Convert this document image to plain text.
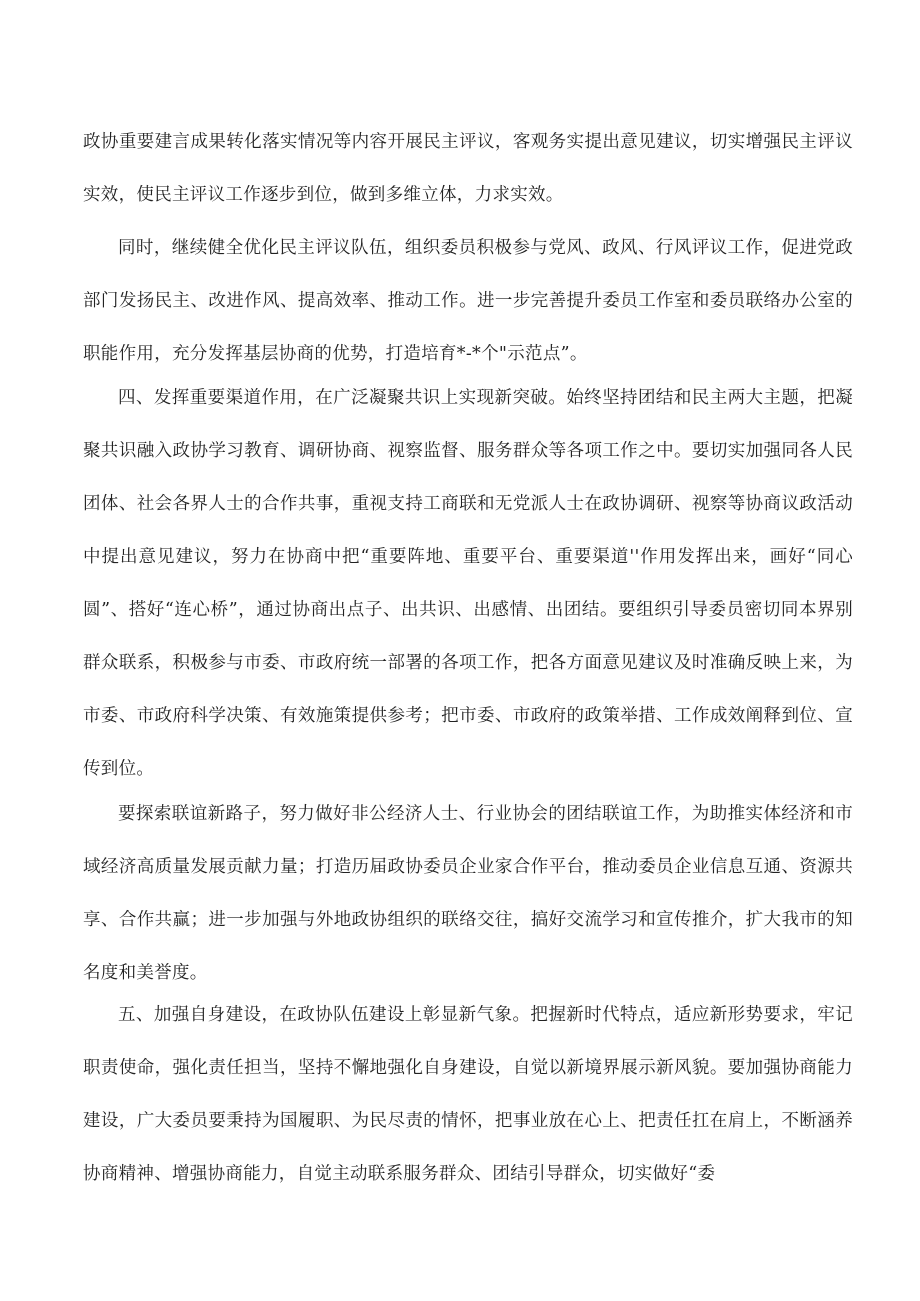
政协重要建言成果转化落实情况等内容开展民主评议，客观务实提出意见建议，切实增强民主评议实效，使民主评议工作逐步到位，做到多维立体，力求实效。

同时，继续健全优化民主评议队伍，组织委员积极参与党风、政风、行风评议工作，促进党政部门发扬民主、改进作风、提高效率、推动工作。进一步完善提升委员工作室和委员联络办公室的职能作用，充分发挥基层协商的优势，打造培育*-*个"示范点”。

四、发挥重要渠道作用，在广泛凝聚共识上实现新突破。始终坚持团结和民主两大主题，把凝聚共识融入政协学习教育、调研协商、视察监督、服务群众等各项工作之中。要切实加强同各人民团体、社会各界人士的合作共事，重视支持工商联和无党派人士在政协调研、视察等协商议政活动中提出意见建议，努力在协商中把“重要阵地、重要平台、重要渠道''作用发挥出来，画好“同心圆”、搭好“连心桥”，通过协商出点子、出共识、出感情、出团结。要组织引导委员密切同本界别群众联系，积极参与市委、市政府统一部署的各项工作，把各方面意见建议及时准确反映上来，为市委、市政府科学决策、有效施策提供参考；把市委、市政府的政策举措、工作成效阐释到位、宣传到位。

要探索联谊新路子，努力做好非公经济人士、行业协会的团结联谊工作，为助推实体经济和市域经济高质量发展贡献力量；打造历届政协委员企业家合作平台，推动委员企业信息互通、资源共享、合作共赢；进一步加强与外地政协组织的联络交往，搞好交流学习和宣传推介，扩大我市的知名度和美誉度。

五、加强自身建设，在政协队伍建设上彰显新气象。把握新时代特点，适应新形势要求，牢记职责使命，强化责任担当，坚持不懈地强化自身建设，自觉以新境界展示新风貌。要加强协商能力建设，广大委员要秉持为国履职、为民尽责的情怀，把事业放在心上、把责任扛在肩上，不断涵养协商精神、增强协商能力，自觉主动联系服务群众、团结引导群众，切实做好“委
